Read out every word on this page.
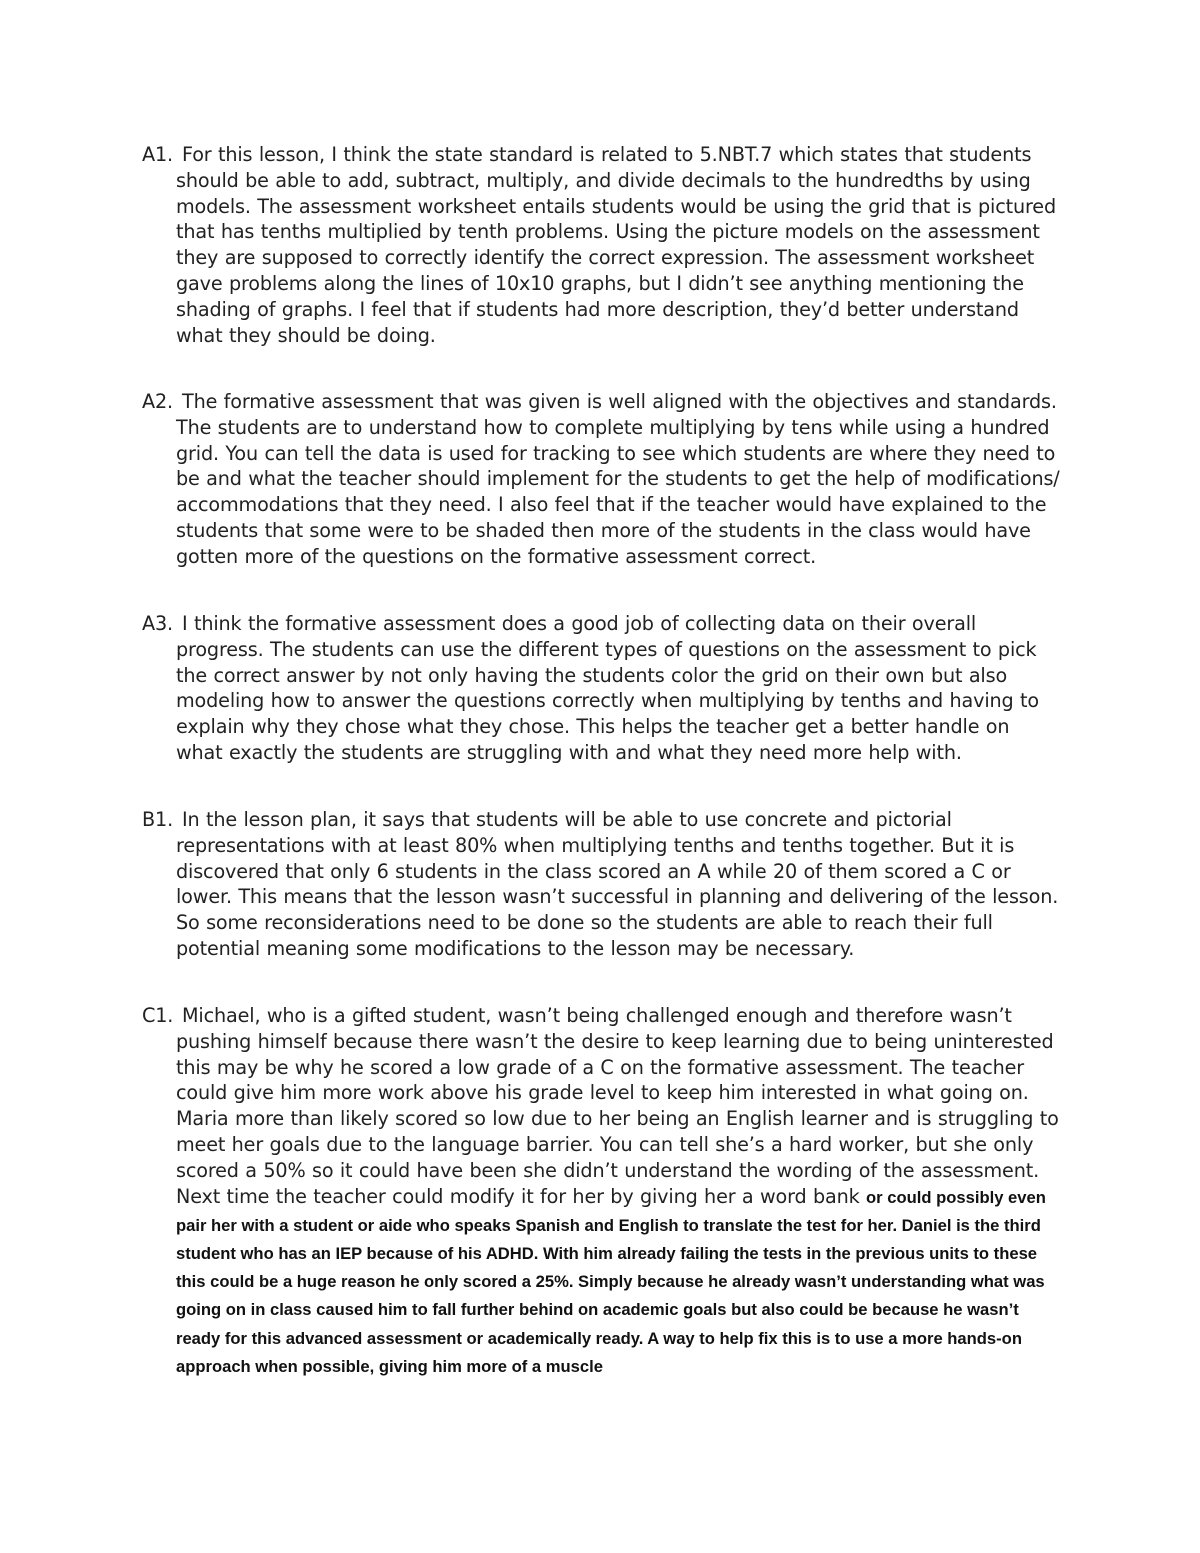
A1. For this lesson, I think the state standard is related to 5.NBT.7 which states that students should be able to add, subtract, multiply, and divide decimals to the hundredths by using models. The assessment worksheet entails students would be using the grid that is pictured that has tenths multiplied by tenth problems. Using the picture models on the assessment they are supposed to correctly identify the correct expression. The assessment worksheet gave problems along the lines of 10x10 graphs, but I didn’t see anything mentioning the shading of graphs. I feel that if students had more description, they’d better understand what they should be doing.

A2. The formative assessment that was given is well aligned with the objectives and standards. The students are to understand how to complete multiplying by tens while using a hundred grid. You can tell the data is used for tracking to see which students are where they need to be and what the teacher should implement for the students to get the help of modifications/ accommodations that they need. I also feel that if the teacher would have explained to the students that some were to be shaded then more of the students in the class would have gotten more of the questions on the formative assessment correct.

A3. I think the formative assessment does a good job of collecting data on their overall progress. The students can use the different types of questions on the assessment to pick the correct answer by not only having the students color the grid on their own but also modeling how to answer the questions correctly when multiplying by tenths and having to explain why they chose what they chose. This helps the teacher get a better handle on what exactly the students are struggling with and what they need more help with.

B1. In the lesson plan, it says that students will be able to use concrete and pictorial representations with at least 80% when multiplying tenths and tenths together. But it is discovered that only 6 students in the class scored an A while 20 of them scored a C or lower. This means that the lesson wasn’t successful in planning and delivering of the lesson. So some reconsiderations need to be done so the students are able to reach their full potential meaning some modifications to the lesson may be necessary.

C1. Michael, who is a gifted student, wasn’t being challenged enough and therefore wasn’t pushing himself because there wasn’t the desire to keep learning due to being uninterested this may be why he scored a low grade of a C on the formative assessment. The teacher could give him more work above his grade level to keep him interested in what going on. Maria more than likely scored so low due to her being an English learner and is struggling to meet her goals due to the language barrier. You can tell she’s a hard worker, but she only scored a 50% so it could have been she didn’t understand the wording of the assessment. Next time the teacher could modify it for her by giving her a word bank or could possibly even pair her with a student or aide who speaks Spanish and English to translate the test for her. Daniel is the third student who has an IEP because of his ADHD. With him already failing the tests in the previous units to these this could be a huge reason he only scored a 25%. Simply because he already wasn’t understanding what was going on in class caused him to fall further behind on academic goals but also could be because he wasn’t ready for this advanced assessment or academically ready. A way to help fix this is to use a more hands-on approach when possible, giving him more of a muscle
